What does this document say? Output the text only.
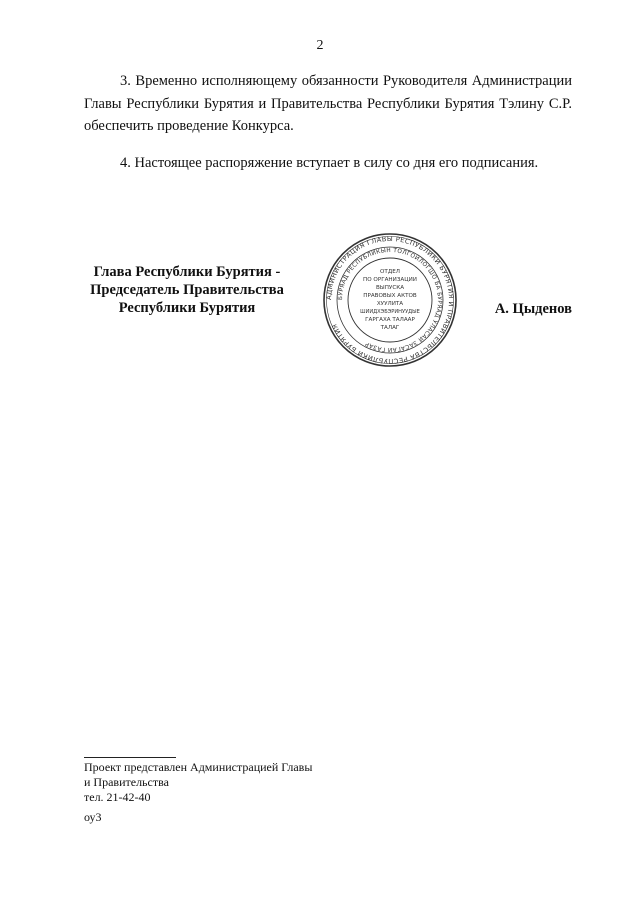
2

3. Временно исполняющему обязанности Руководителя Администрации Главы Республики Бурятия и Правительства Республики Бурятия Тэлину С.Р. обеспечить проведение Конкурса.

4. Настоящее распоряжение вступает в силу со дня его подписания.

Глава Республики Бурятия -
Председатель Правительства
Республики Бурятия
АДМИНИСТРАЦИЯ ГЛАВЫ РЕСПУБЛИКИ БУРЯТИЯ И ПРАВИТЕЛЬСТВА РЕСПУБЛИКИ БУРЯТИЯ
БУРЯАД РЕСПУБЛИКЫН ТОЛГОЙЛОГШО БА БУРЯАД УЛАСАЙ ЗАСАГАЙ ГАЗАР
ОТДЕЛ
ПО ОРГАНИЗАЦИИ
ВЫПУСКА
ПРАВОВЫХ АКТОВ
ХУУЛИТА
ШИИДХЭБЭРИНУУДЫЕ
ГАРГАХА ТАЛААР
ТАЛАГ
А. Цыденов
Проект представлен Администрацией Главы
и Правительства
тел. 21-42-40
оу3
